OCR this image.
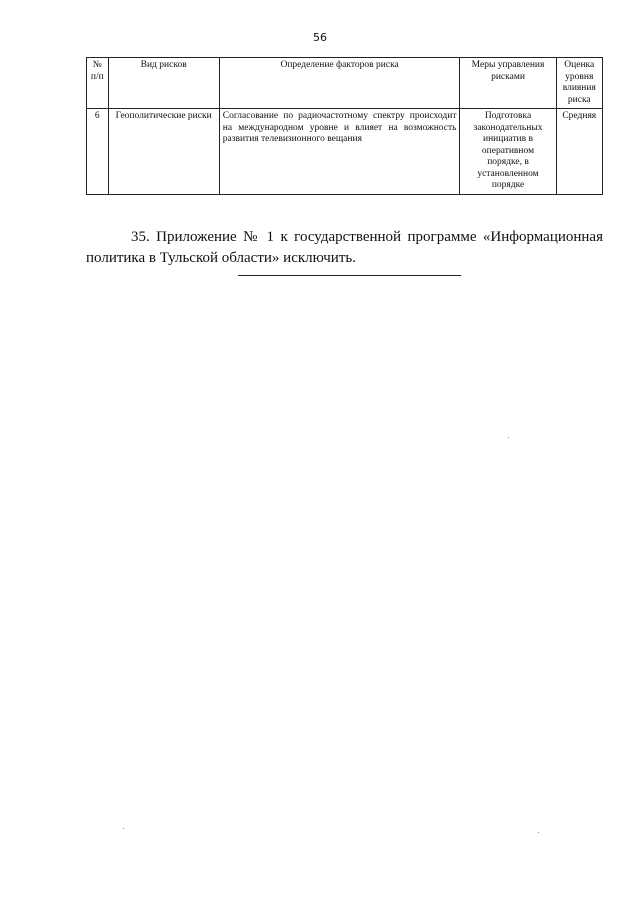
56
№ п/п	Вид рисков	Определение факторов риска	Меры управления рисками	Оценка уровня влияния риска
6	Геополитические риски	Согласование по радиочастотному спектру происходит на международном уровне и влияет на возможность развития телевизионного вещания	Подготовка законодательных инициатив в оперативном порядке, в установленном порядке	Средняя

35. Приложение № 1 к государственной программе «Информационная политика в Тульской области» исключить.
